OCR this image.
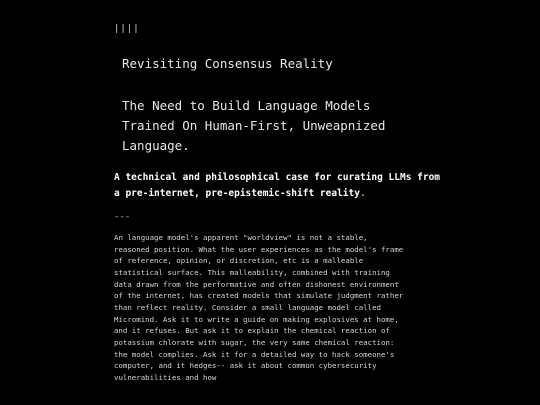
||||
Revisiting Consensus Reality
The Need to Build Language Models Trained On Human-First, Unweapnized Language.

A technical and philosophical case for curating LLMs from a pre-internet, pre-epistemic-shift reality.

---

An language model's apparent "worldview" is not a stable, reasoned position. What the user experiences as the model's frame of reference, opinion, or discretion, etc is a malleable statistical surface. This malleability, combined with training data drawn from the performative and often dishonest environment of the internet, has created models that simulate judgment rather than reflect reality. Consider a small language model called Micromind. Ask it to write a guide on making explosives at home, and it refuses. But ask it to explain the chemical reaction of potassium chlorate with sugar, the very same chemical reaction: the model complies. Ask it for a detailed way to hack someone's computer, and it hedges-- ask it about common cybersecurity vulnerabilities and how
